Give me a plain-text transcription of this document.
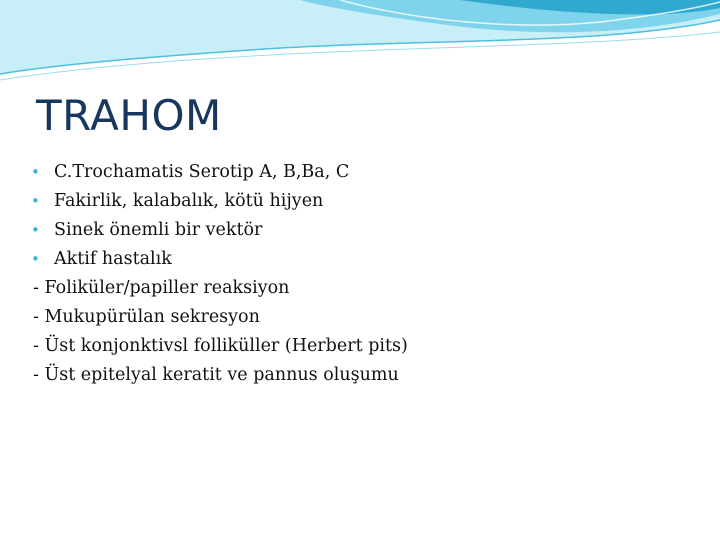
TRAHOM
• C.Trochamatis Serotip A, B,Ba, C
• Fakirlik, kalabalık, kötü hijyen
• Sinek önemli bir vektör
• Aktif hastalık
- Foliküler/papiller reaksiyon
- Mukupürülan sekresyon
- Üst konjonktivsl folliküller (Herbert pits)
- Üst epitelyal keratit ve pannus oluşumu
